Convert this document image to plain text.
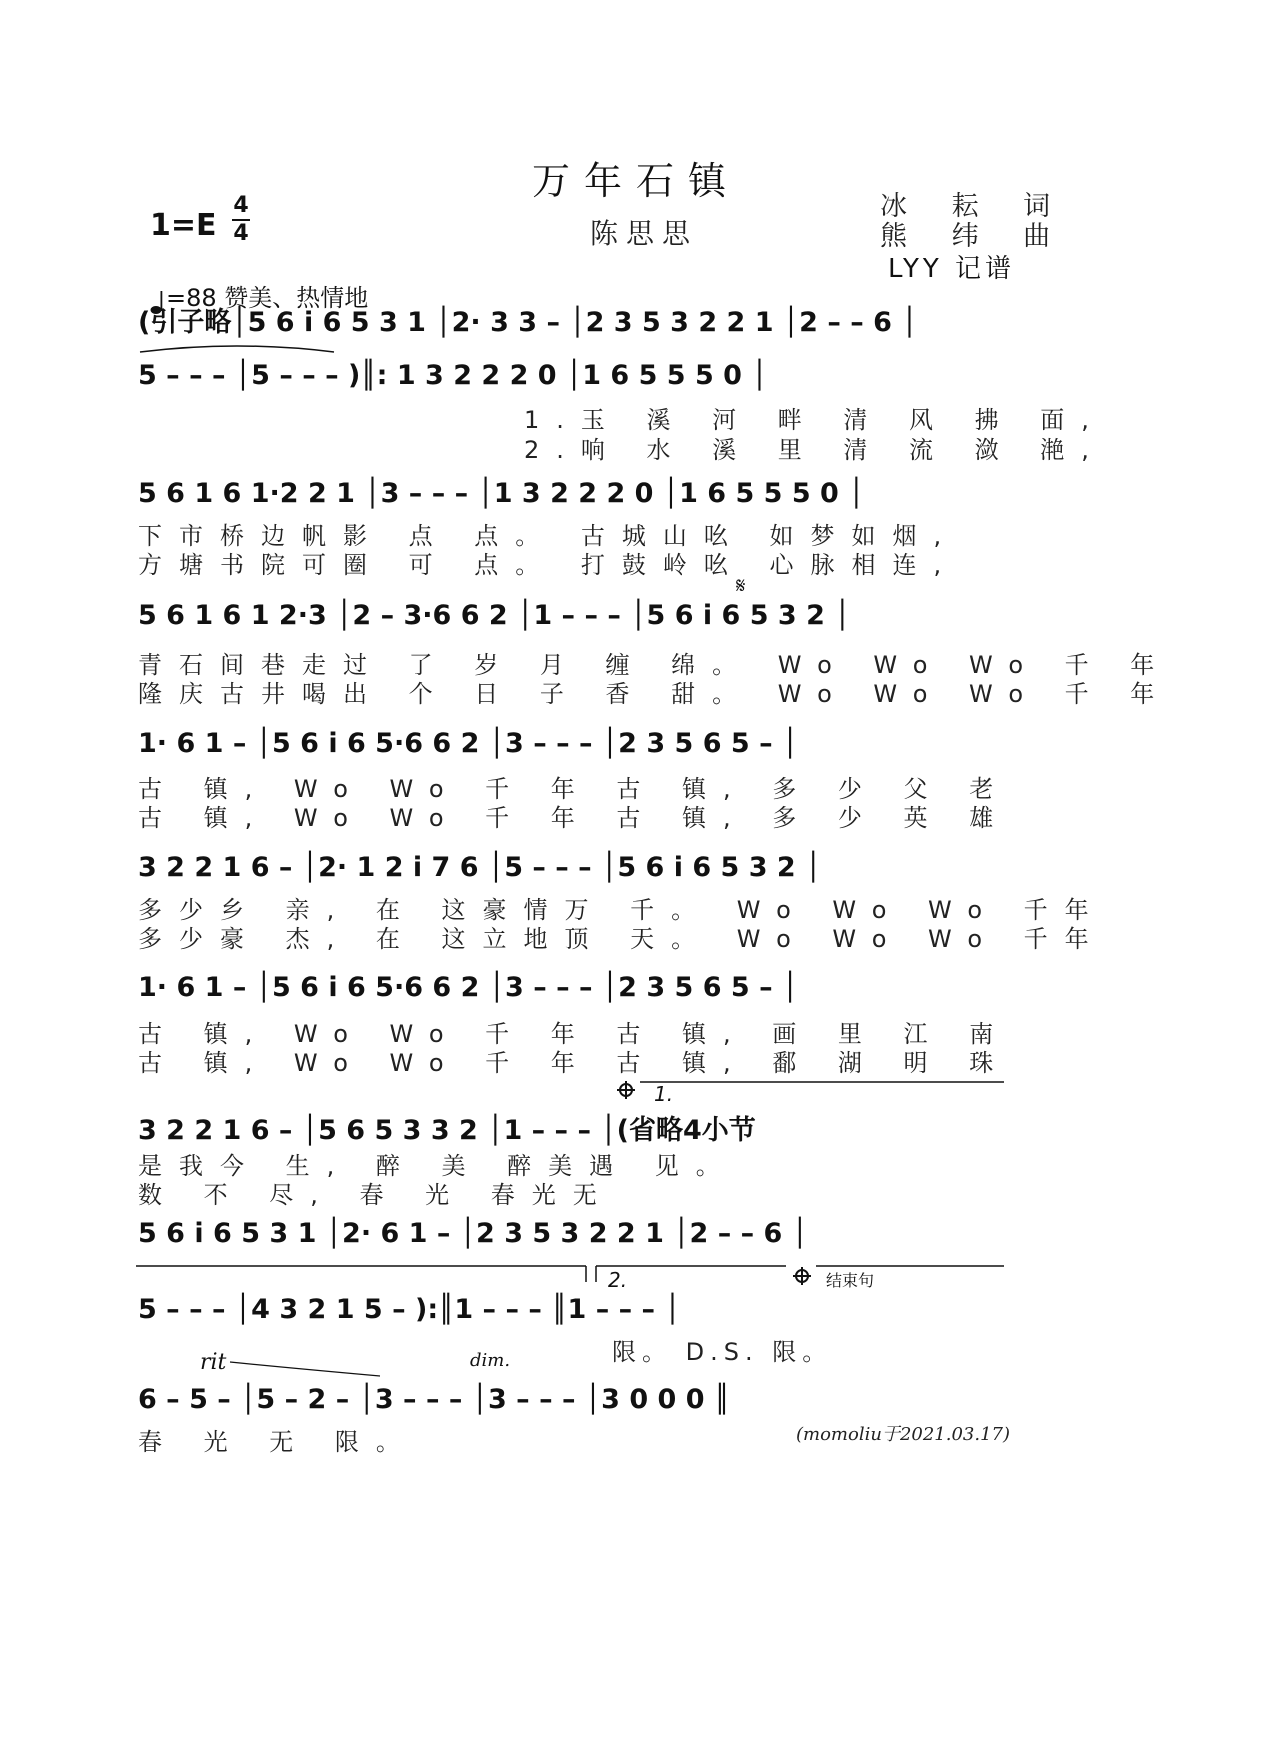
万年石镇
陈思思
冰 耘 词
熊 纬 曲
LYY 记谱
1=E
4
4
=88 赞美、热情地
(引子略│5 6 i 6 5 3 1 │2· 3 3 – │2 3 5 3 2 2 1 │2 – – 6 │
5 – – – │5 – – – )║: 1 3 2 2 2 0 │1 6 5 5 5 0 │
1.玉 溪 河 畔 清 风 拂 面,
2.响 水 溪 里 清 流 潋 滟,
5 6 1 6 1·2 2 1 │3 – – – │1 3 2 2 2 0 │1 6 5 5 5 0 │
下市桥边帆影 点 点。 古城山吆 如梦如烟,
方塘书院可圈 可 点。 打鼓岭吆 心脉相连,
5 6 1 6 1 2·3 │2 – 3·6 6 2 │1 – – – │5 6 i 6 5 3 2 │
青石间巷走过 了 岁 月 缠 绵。 Wo Wo Wo 千 年
隆庆古井喝出 个 日 子 香 甜。 Wo Wo Wo 千 年
1· 6 1 – │5 6 i 6 5·6 6 2 │3 – – – │2 3 5 6 5 – │
古 镇, Wo Wo 千 年 古 镇, 多 少 父 老
古 镇, Wo Wo 千 年 古 镇, 多 少 英 雄
3 2 2 1 6 – │2· 1 2 i 7 6 │5 – – – │5 6 i 6 5 3 2 │
多少乡 亲, 在 这豪情万 千。 Wo Wo Wo 千年
多少豪 杰, 在 这立地顶 天。 Wo Wo Wo 千年
1· 6 1 – │5 6 i 6 5·6 6 2 │3 – – – │2 3 5 6 5 – │
古 镇, Wo Wo 千 年 古 镇, 画 里 江 南
古 镇, Wo Wo 千 年 古 镇, 鄱 湖 明 珠
3 2 2 1 6 – │5 6 5 3 3 2 │1 – – – │(省略4小节
是我今 生, 醉 美 醉美遇 见。
数 不 尽, 春 光 春光无
5 6 i 6 5 3 1 │2· 6 1 – │2 3 5 3 2 2 1 │2 – – 6 │
5 – – – │4 3 2 1 5 – ):║1 – – – ║1 – – – │
限。 D.S. 限。
6 – 5 – │5 – 2 – │3 – – – │3 – – – │3 0 0 0 ║
春 光 无 限。
1.
2.	结束句
rit	dim.
(momoliu于2021.03.17)
𝄋
